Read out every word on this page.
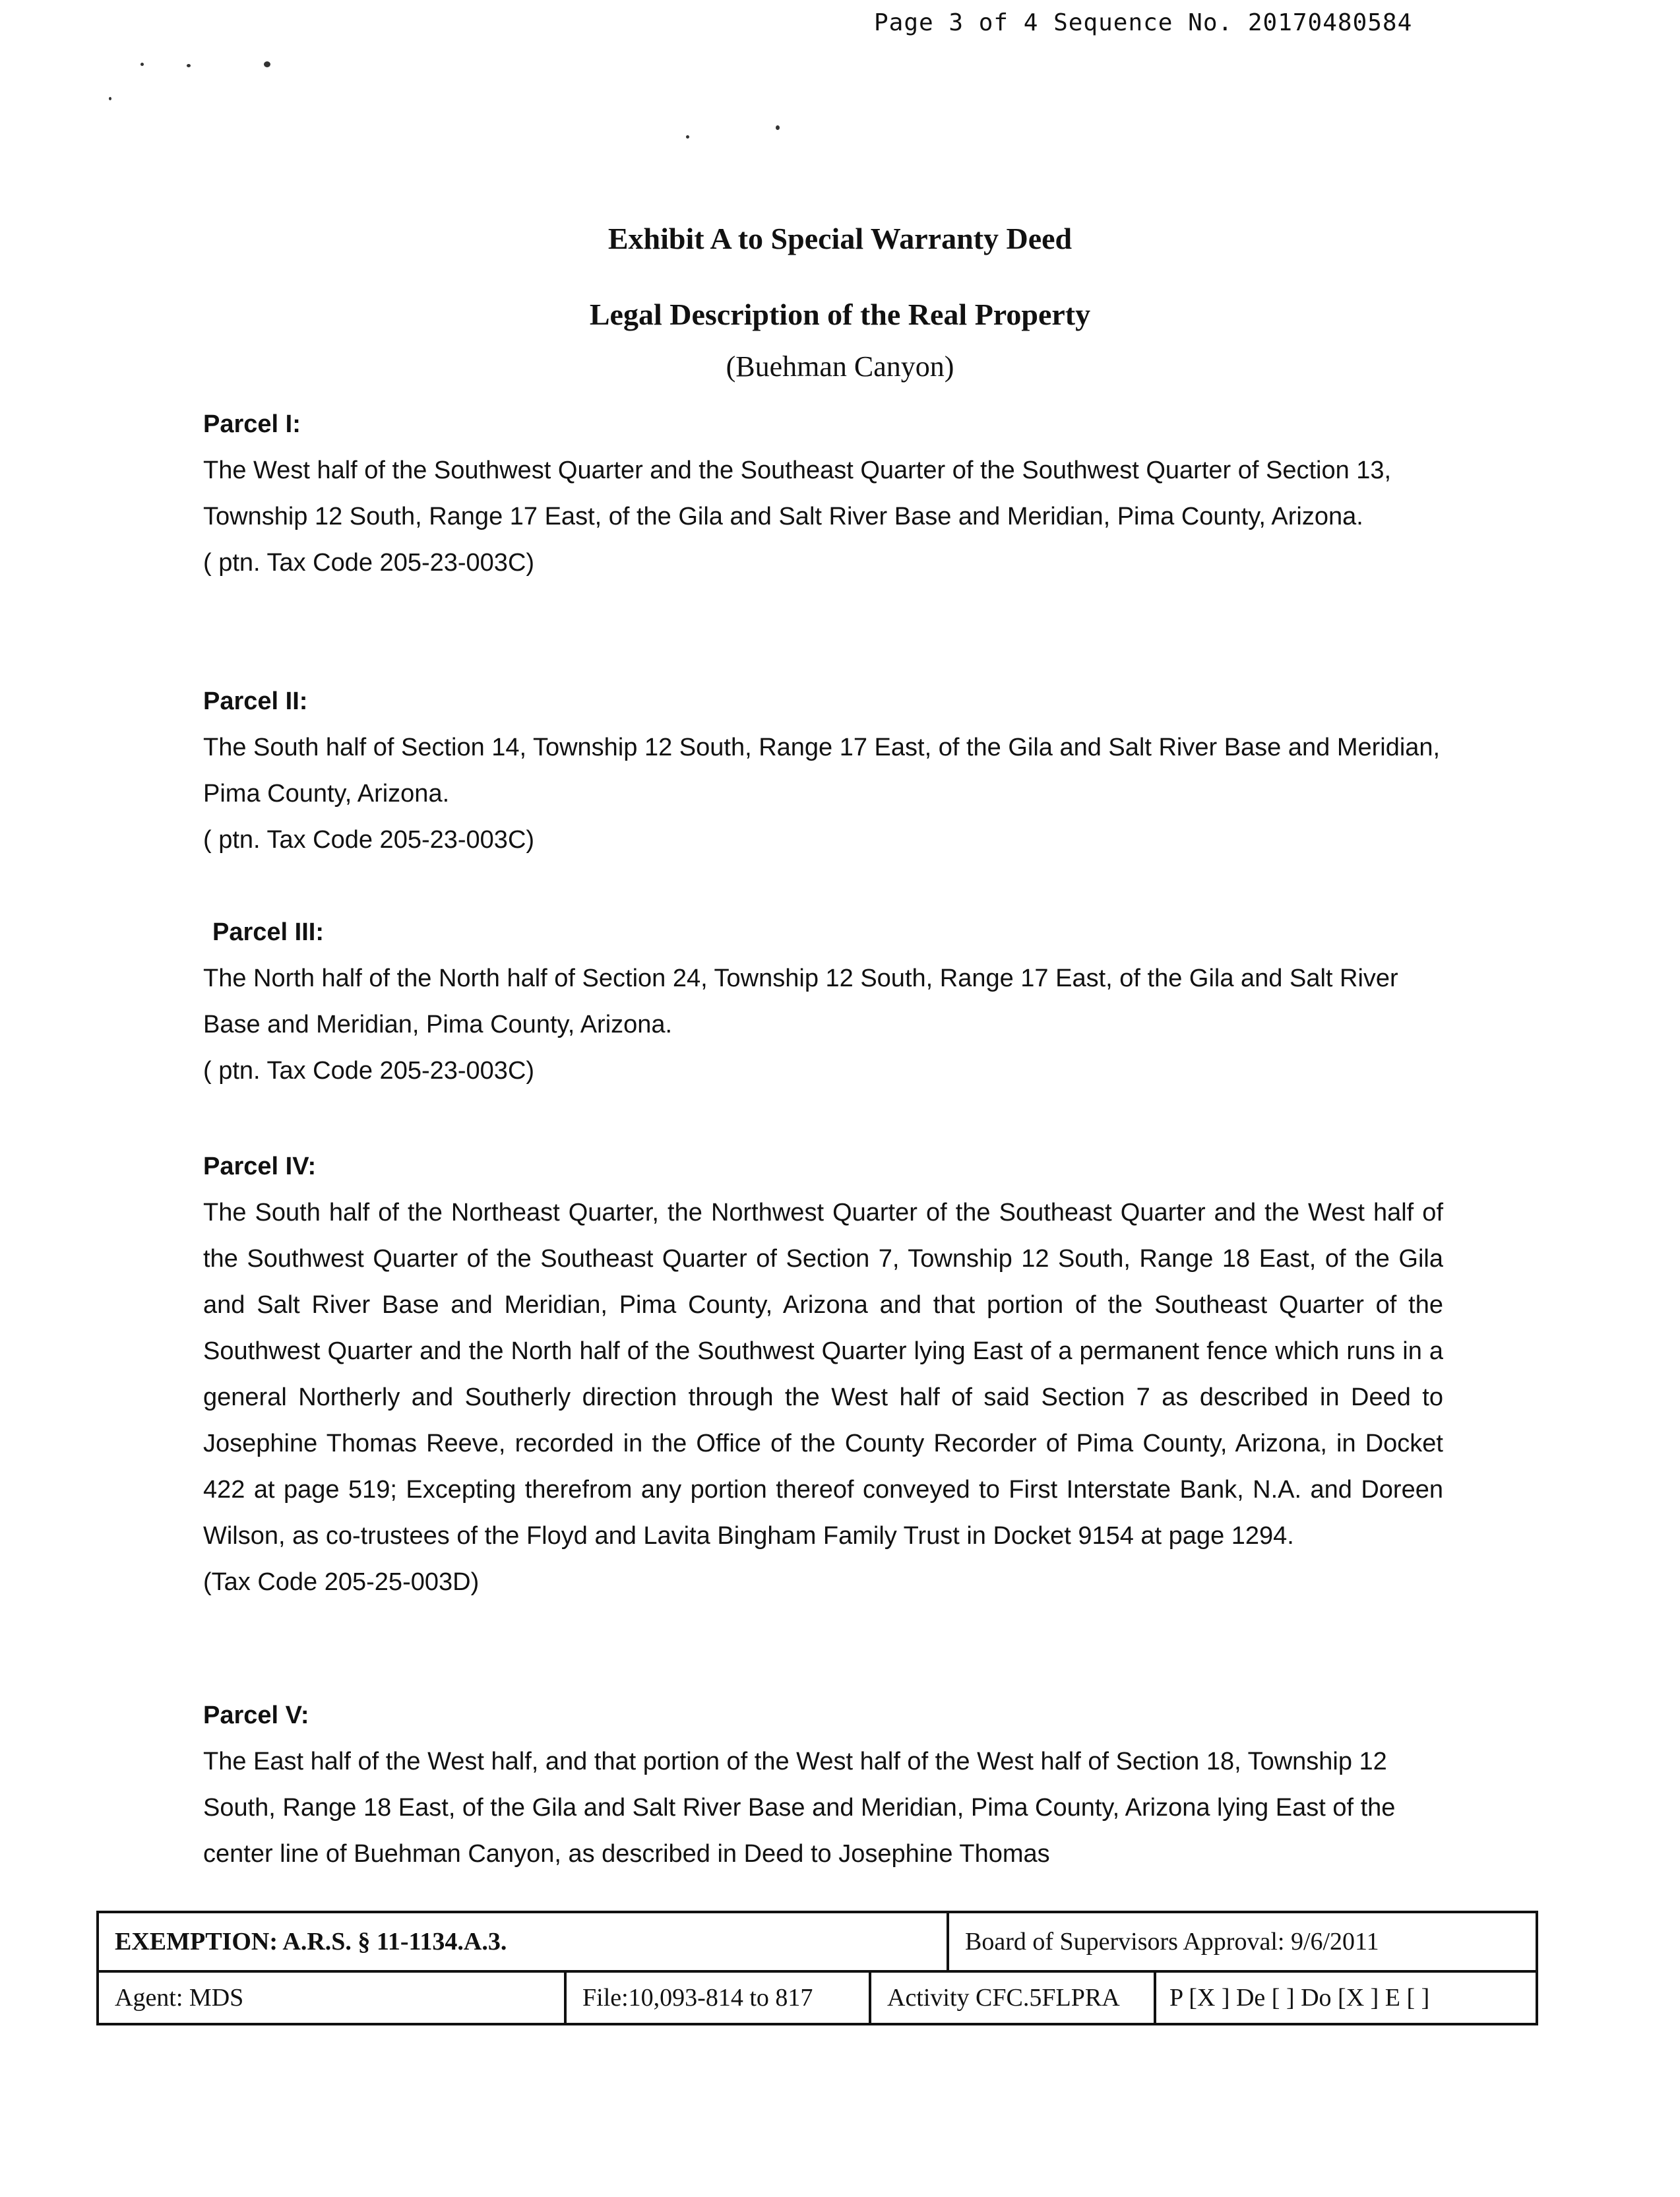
Page 3 of 4 Sequence No. 20170480584
Exhibit A to Special Warranty Deed
Legal Description of the Real Property
(Buehman Canyon)

Parcel I:

The West half of the Southwest Quarter and the Southeast Quarter of the Southwest Quarter of Section 13, Township 12 South, Range 17 East, of the Gila and Salt River Base and Meridian, Pima County, Arizona.

( ptn. Tax Code 205-23-003C)

Parcel II:

The South half of Section 14, Township 12 South, Range 17 East, of the Gila and Salt River Base and Meridian, Pima County, Arizona.

( ptn. Tax Code 205-23-003C)

Parcel III:

The North half of the North half of Section 24, Township 12 South, Range 17 East, of the Gila and Salt River Base and Meridian, Pima County, Arizona.

( ptn. Tax Code 205-23-003C)

Parcel IV:

The South half of the Northeast Quarter, the Northwest Quarter of the Southeast Quarter and the West half of the Southwest Quarter of the Southeast Quarter of Section 7, Township 12 South, Range 18 East, of the Gila and Salt River Base and Meridian, Pima County, Arizona and that portion of the Southeast Quarter of the Southwest Quarter and the North half of the Southwest Quarter lying East of a permanent fence which runs in a general Northerly and Southerly direction through the West half of said Section 7 as described in Deed to Josephine Thomas Reeve, recorded in the Office of the County Recorder of Pima County, Arizona, in Docket 422 at page 519; Excepting therefrom any portion thereof conveyed to First Interstate Bank, N.A. and Doreen Wilson, as co-trustees of the Floyd and Lavita Bingham Family Trust in Docket 9154 at page 1294.

(Tax Code 205-25-003D)

Parcel V:

The East half of the West half, and that portion of the West half of the West half of Section 18, Township 12 South, Range 18 East, of the Gila and Salt River Base and Meridian, Pima County, Arizona lying East of the center line of Buehman Canyon, as described in Deed to Josephine Thomas

EXEMPTION: A.R.S. § 11-1134.A.3.	Board of Supervisors Approval: 9/6/2011
Agent: MDS	File:10,093-814 to 817	Activity CFC.5FLPRA	P [X ] De [ ] Do [X ] E [ ]
